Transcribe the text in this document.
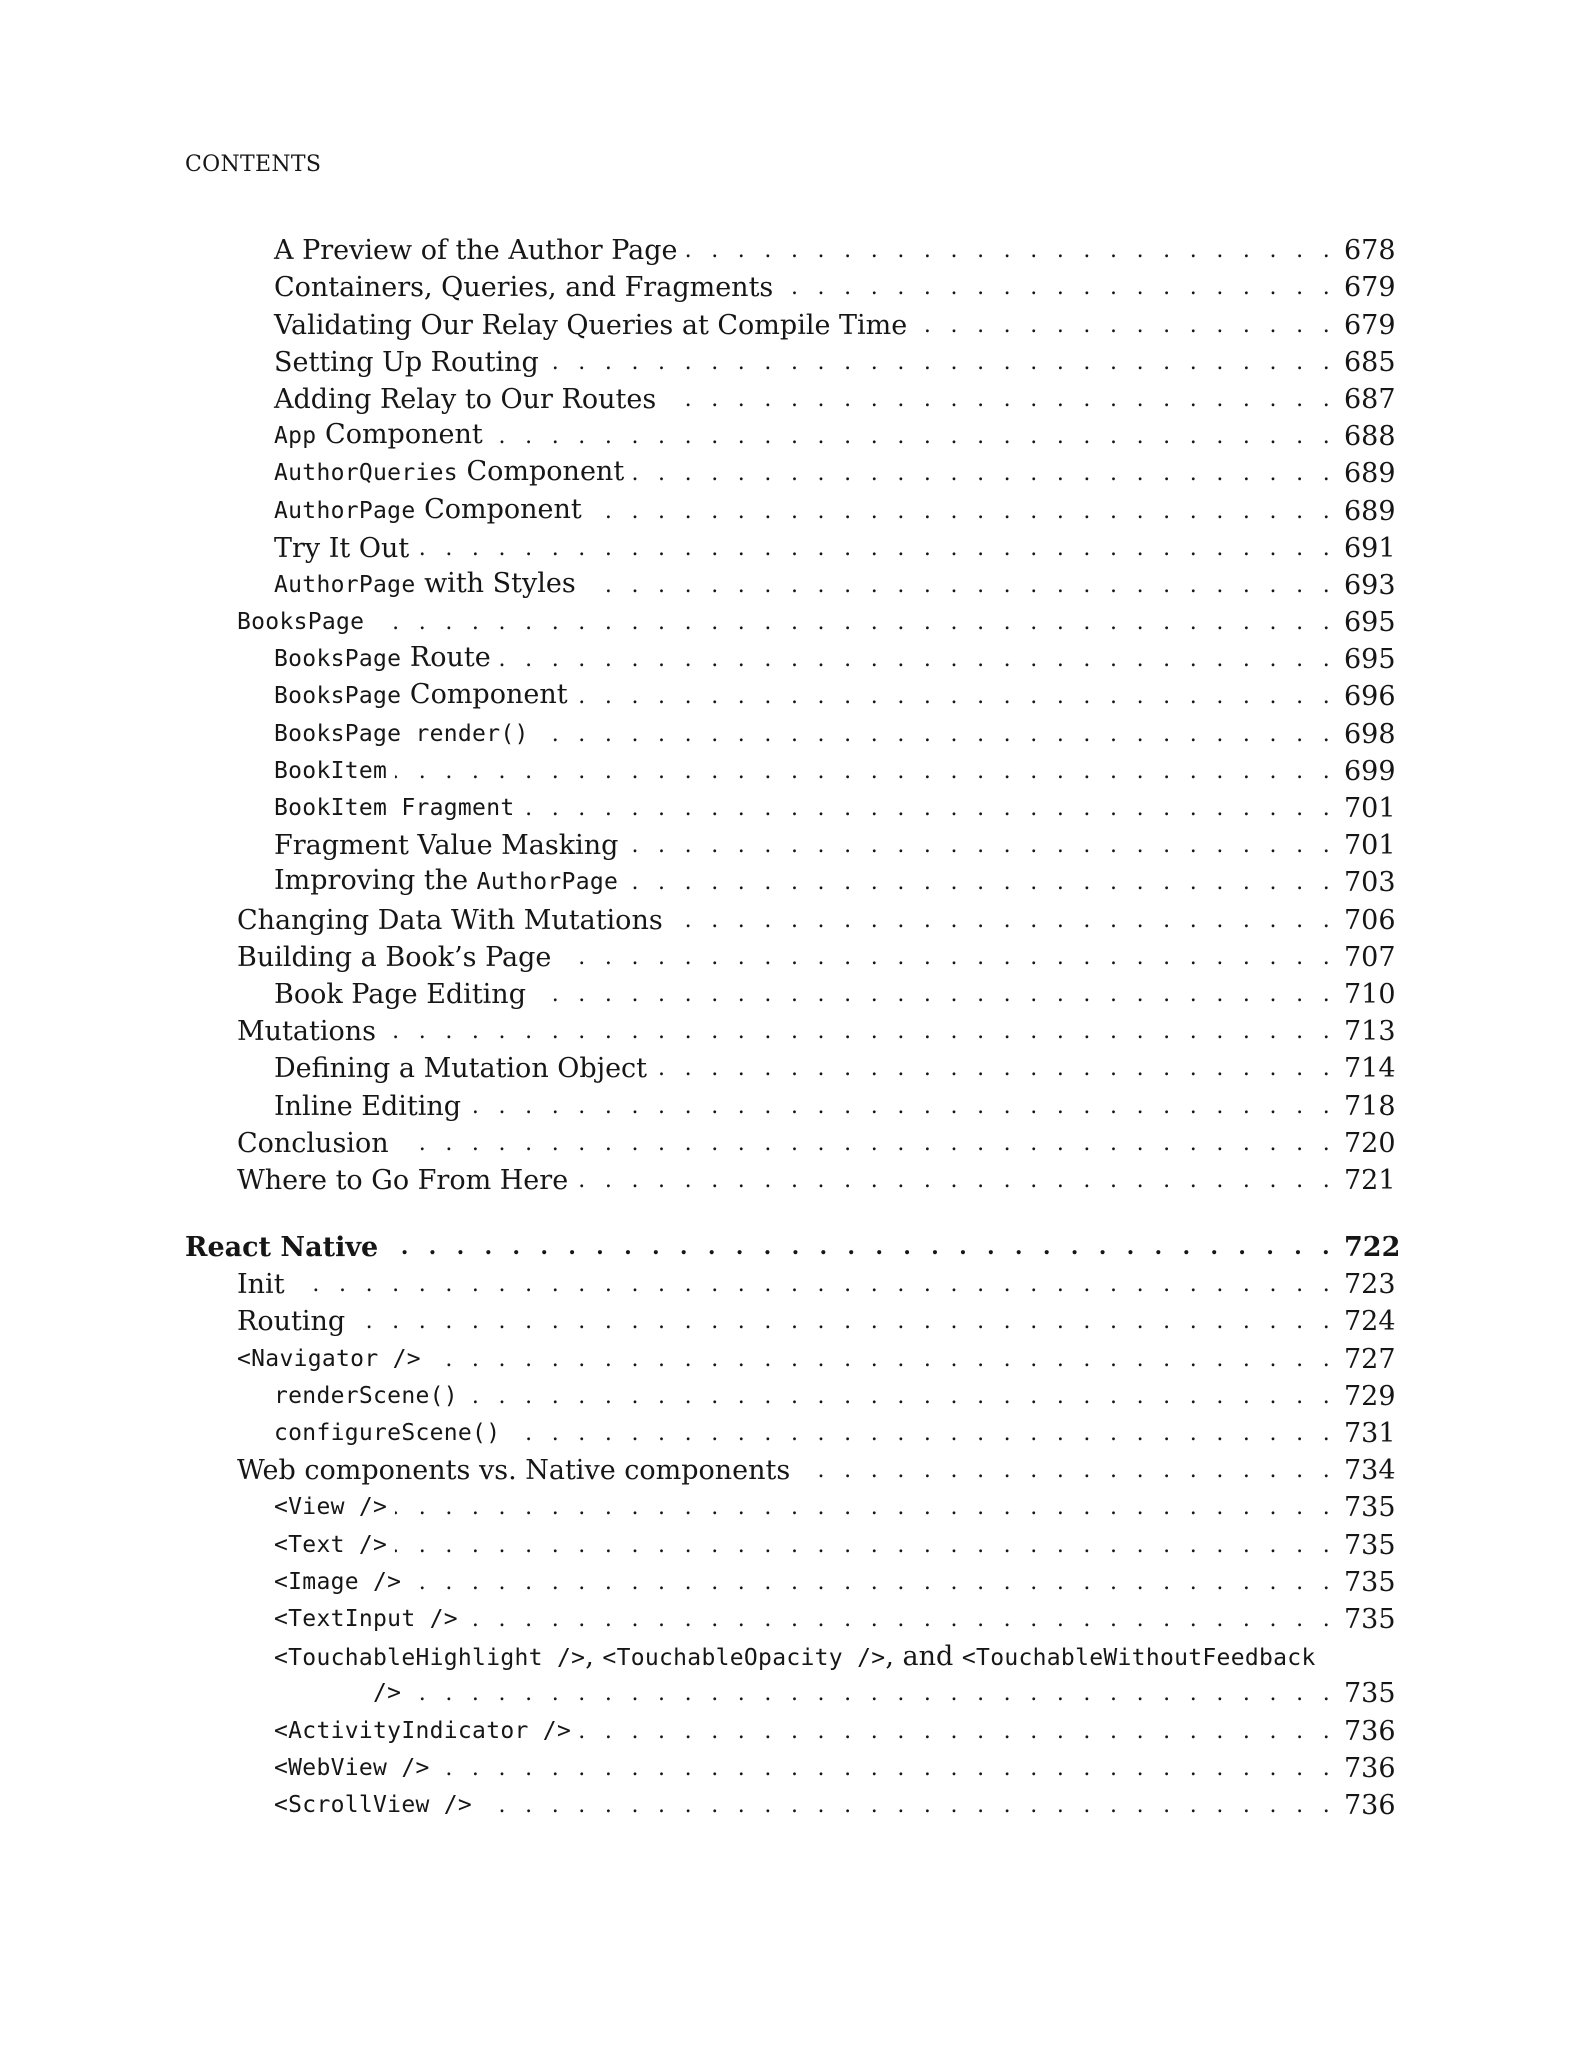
CONTENTS
A Preview of the Author Page . . .	678
Containers, Queries, and Fragments . . .	679
Validating Our Relay Queries at Compile Time . . .	679
Setting Up Routing . . .	685
Adding Relay to Our Routes . . .	687
App Component . . .	688
AuthorQueries Component . . .	689
AuthorPage Component . . .	689
Try It Out . . .	691
AuthorPage with Styles . . .	693
BooksPage . . .	695
BooksPage Route . . .	695
BooksPage Component . . .	696
BooksPage render() . . .	698
BookItem . . .	699
BookItem Fragment . . .	701
Fragment Value Masking . . .	701
Improving the AuthorPage . . .	703
Changing Data With Mutations . . .	706
Building a Book’s Page . . .	707
Book Page Editing . . .	710
Mutations . . .	713
Defining a Mutation Object . . .	714
Inline Editing . . .	718
Conclusion . . .	720
Where to Go From Here . . .	721
React Native . . .	722
Init . . .	723
Routing . . .	724
<Navigator /> . . .	727
renderScene() . . .	729
configureScene() . . .	731
Web components vs. Native components . . .	734
<View /> . . .	735
<Text /> . . .	735
<Image /> . . .	735
<TextInput /> . . .	735
<TouchableHighlight />, <TouchableOpacity />, and <TouchableWithoutFeedback
/> . . .	735
<ActivityIndicator /> . . .	736
<WebView /> . . .	736
<ScrollView /> . . .	736
